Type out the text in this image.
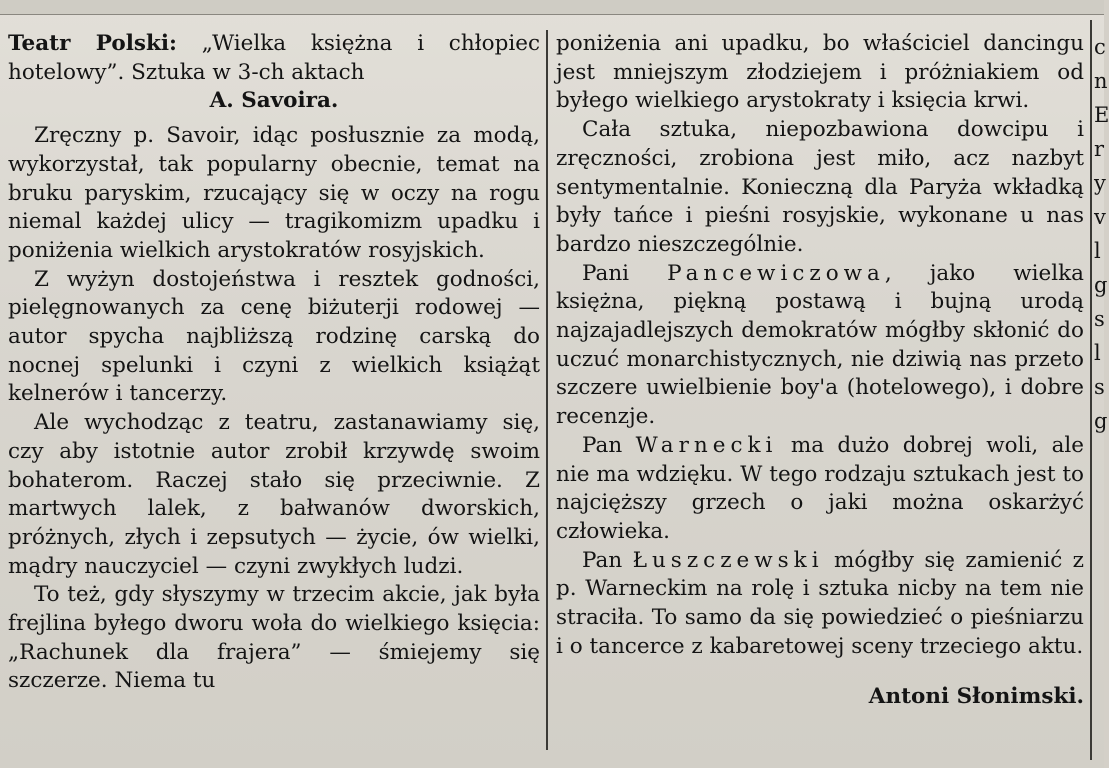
Teatr Polski: „Wielka księżna i chłopiec hotelowy”. Sztuka w 3-ch aktach
A. Savoira.

Zręczny p. Savoir, idąc posłusznie za modą, wykorzystał, tak popularny obecnie, temat na bruku paryskim, rzucający się w oczy na rogu niemal każdej ulicy — tragikomizm upadku i poniżenia wielkich arystokratów rosyjskich.

Z wyżyn dostojeństwa i resztek godności, pielęgnowanych za cenę biżuterji rodowej — autor spycha najbliższą rodzinę carską do nocnej spelunki i czyni z wielkich książąt kelnerów i tancerzy.

Ale wychodząc z teatru, zastanawiamy się, czy aby istotnie autor zrobił krzywdę swoim bohaterom. Raczej stało się przeciwnie. Z martwych lalek, z bałwanów dworskich, próżnych, złych i zepsutych — życie, ów wielki, mądry nauczyciel — czyni zwykłych ludzi.

To też, gdy słyszymy w trzecim akcie, jak była frejlina byłego dworu woła do wielkiego księcia: „Rachunek dla frajera” — śmiejemy się szczerze. Niema tu

poniżenia ani upadku, bo właściciel dancingu jest mniejszym złodziejem i próżniakiem od byłego wielkiego arystokraty i księcia krwi.

Cała sztuka, niepozbawiona dowcipu i zręczności, zrobiona jest miło, acz nazbyt sentymentalnie. Konieczną dla Paryża wkładką były tańce i pieśni rosyjskie, wykonane u nas bardzo nieszczególnie.

Pani Pancewiczowa, jako wielka księżna, piękną postawą i bujną urodą najzajadlejszych demokratów mógłby skłonić do uczuć monarchistycznych, nie dziwią nas przeto szczere uwielbienie boy'a (hotelowego), i dobre recenzje.

Pan Warnecki ma dużo dobrej woli, ale nie ma wdzięku. W tego rodzaju sztukach jest to najcięższy grzech o jaki można oskarżyć człowieka.

Pan Łuszczewski mógłby się zamienić z p. Warneckim na rolę i sztuka niсby na tem nie straciła. To samo da się powiedzieć o pieśniarzu i o tancerce z kabaretowej sceny trzeciego aktu.

Antoni Słonimski.

c
n
E
r
y
v
l
g
s
l
s
g
